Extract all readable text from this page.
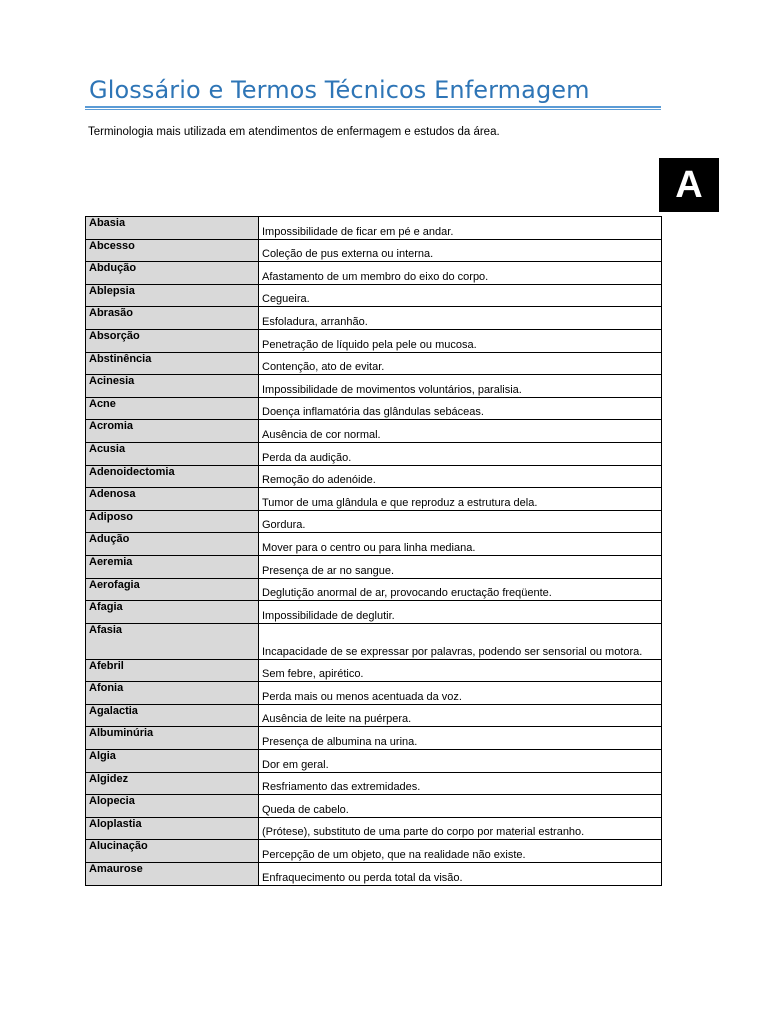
Glossário e Termos Técnicos Enfermagem
Terminologia mais utilizada em atendimentos de enfermagem e estudos da área.
A
Abasia	Impossibilidade de ficar em pé e andar.
Abcesso	Coleção de pus externa ou interna.
Abdução	Afastamento de um membro do eixo do corpo.
Ablepsia	Cegueira.
Abrasão	Esfoladura, arranhão.
Absorção	Penetração de líquido pela pele ou mucosa.
Abstinência	Contenção, ato de evitar.
Acinesia	Impossibilidade de movimentos voluntários, paralisia.
Acne	Doença inflamatória das glândulas sebáceas.
Acromia	Ausência de cor normal.
Acusia	Perda da audição.
Adenoidectomia	Remoção do adenóide.
Adenosa	Tumor de uma glândula e que reproduz a estrutura dela.
Adiposo	Gordura.
Adução	Mover para o centro ou para linha mediana.
Aeremia	Presença de ar no sangue.
Aerofagia	Deglutição anormal de ar, provocando eructação freqüente.
Afagia	Impossibilidade de deglutir.
Afasia	Incapacidade de se expressar por palavras, podendo ser sensorial ou motora.
Afebril	Sem febre, apirético.
Afonia	Perda mais ou menos acentuada da voz.
Agalactia	Ausência de leite na puérpera.
Albuminúria	Presença de albumina na urina.
Algia	Dor em geral.
Algidez	Resfriamento das extremidades.
Alopecia	Queda de cabelo.
Aloplastia	(Prótese), substituto de uma parte do corpo por material estranho.
Alucinação	Percepção de um objeto, que na realidade não existe.
Amaurose	Enfraquecimento ou perda total da visão.
